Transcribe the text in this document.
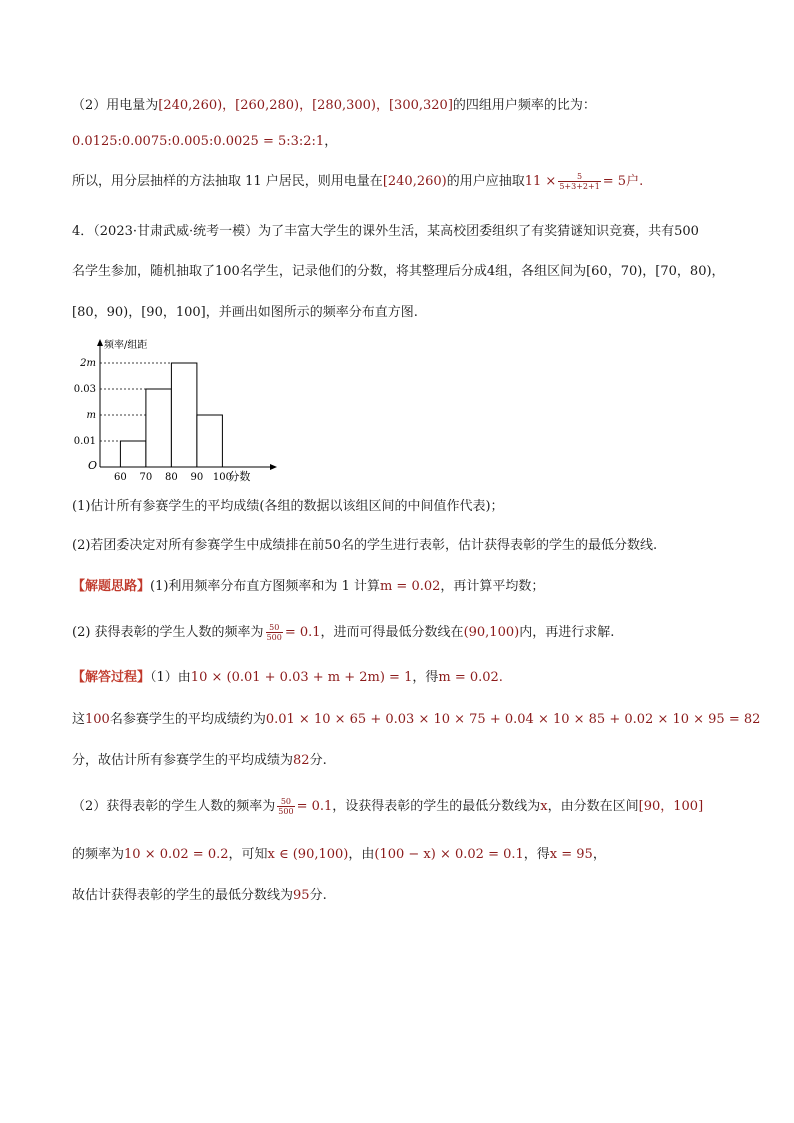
（2）用电量为[240,260)，[260,280)，[280,300)，[300,320]的四组用户频率的比为：
0.0125:0.0075:0.005:0.0025 = 5:3:2:1，
所以，用分层抽样的方法抽取 11 户居民，则用电量在[240,260)的用户应抽取$11 \times \frac{5}{5+3+2+1} = 5$户.
4．（2023·甘肃武威·统考一模）为了丰富大学生的课外生活，某高校团委组织了有奖猜谜知识竞赛，共有500
名学生参加，随机抽取了100名学生，记录他们的分数，将其整理后分成4组，各组区间为[60，70)，[70，80)，
[80，90)，[90，100]，并画出如图所示的频率分布直方图.
0.01
m
0.03
2m
60 70 80 90 100
O
频率/组距
分数
(1)估计所有参赛学生的平均成绩(各组的数据以该组区间的中间值作代表)；
(2)若团委决定对所有参赛学生中成绩排在前50名的学生进行表彰，估计获得表彰的学生的最低分数线.
【解题思路】(1)利用频率分布直方图频率和为 1 计算m = 0.02，再计算平均数；
(2) 获得表彰的学生人数的频率为 $\frac{50}{500} = 0.1$，进而可得最低分数线在(90,100)内，再进行求解.
【解答过程】（1）由10 × (0.01 + 0.03 + m + 2m) = 1，得m = 0.02.
这100名参赛学生的平均成绩约为0.01 × 10 × 65 + 0.03 × 10 × 75 + 0.04 × 10 × 85 + 0.02 × 10 × 95 = 82
分，故估计所有参赛学生的平均成绩为82分.
（2）获得表彰的学生人数的频率为 $\frac{50}{500} = 0.1$，设获得表彰的学生的最低分数线为x，由分数在区间[90，100]
的频率为10 × 0.02 = 0.2，可知x ∈ (90,100)，由(100 − x) × 0.02 = 0.1，得x = 95，
故估计获得表彰的学生的最低分数线为95分.
